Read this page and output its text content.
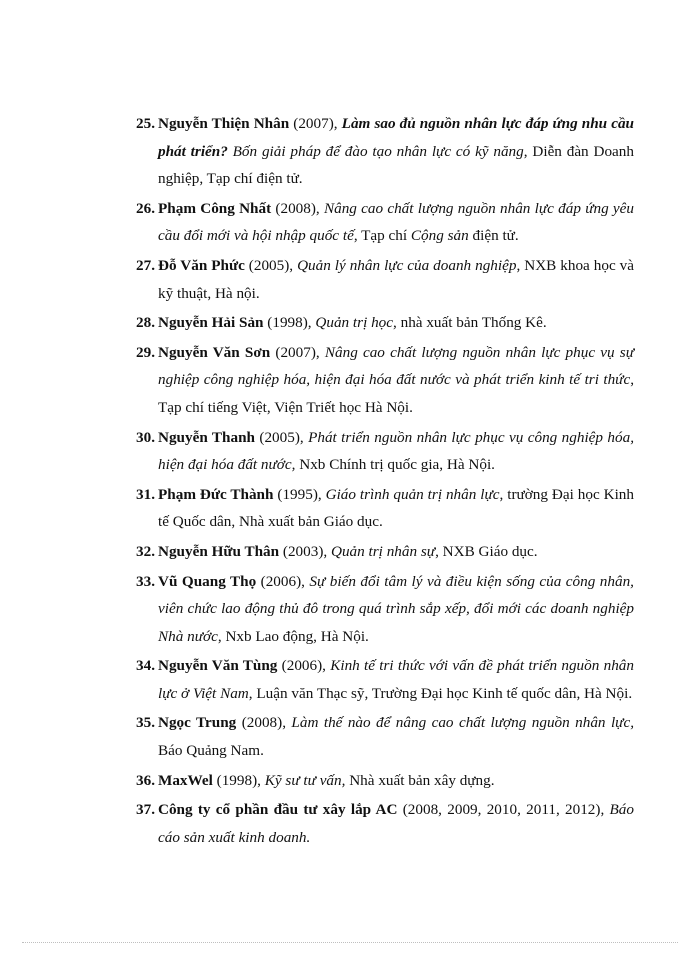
25. Nguyễn Thiện Nhân (2007), Làm sao đủ nguồn nhân lực đáp ứng nhu cầu phát triển? Bốn giải pháp để đào tạo nhân lực có kỹ năng, Diễn đàn Doanh nghiệp, Tạp chí điện tử.
26. Phạm Công Nhất (2008), Nâng cao chất lượng nguồn nhân lực đáp ứng yêu cầu đổi mới và hội nhập quốc tế, Tạp chí Cộng sản điện tử.
27. Đỗ Văn Phức (2005), Quản lý nhân lực của doanh nghiệp, NXB khoa học và kỹ thuật, Hà nội.
28. Nguyễn Hải Sản (1998), Quản trị học, nhà xuất bản Thống Kê.
29. Nguyễn Văn Sơn (2007), Nâng cao chất lượng nguồn nhân lực phục vụ sự nghiệp công nghiệp hóa, hiện đại hóa đất nước và phát triển kinh tế tri thức, Tạp chí tiếng Việt, Viện Triết học Hà Nội.
30. Nguyễn Thanh (2005), Phát triển nguồn nhân lực phục vụ công nghiệp hóa, hiện đại hóa đất nước, Nxb Chính trị quốc gia, Hà Nội.
31. Phạm Đức Thành (1995), Giáo trình quản trị nhân lực, trường Đại học Kinh tế Quốc dân, Nhà xuất bản Giáo dục.
32. Nguyễn Hữu Thân (2003), Quản trị nhân sự, NXB Giáo dục.
33. Vũ Quang Thọ (2006), Sự biến đổi tâm lý và điều kiện sống của công nhân, viên chức lao động thủ đô trong quá trình sắp xếp, đổi mới các doanh nghiệp Nhà nước, Nxb Lao động, Hà Nội.
34. Nguyễn Văn Tùng (2006), Kinh tế tri thức với vấn đề phát triển nguồn nhân lực ở Việt Nam, Luận văn Thạc sỹ, Trường Đại học Kinh tế quốc dân, Hà Nội.
35. Ngọc Trung (2008), Làm thế nào để nâng cao chất lượng nguồn nhân lực, Báo Quảng Nam.
36. MaxWel (1998), Kỹ sư tư vấn, Nhà xuất bản xây dựng.
37. Công ty cổ phần đầu tư xây lắp AC (2008, 2009, 2010, 2011, 2012), Báo cáo sản xuất kinh doanh.
